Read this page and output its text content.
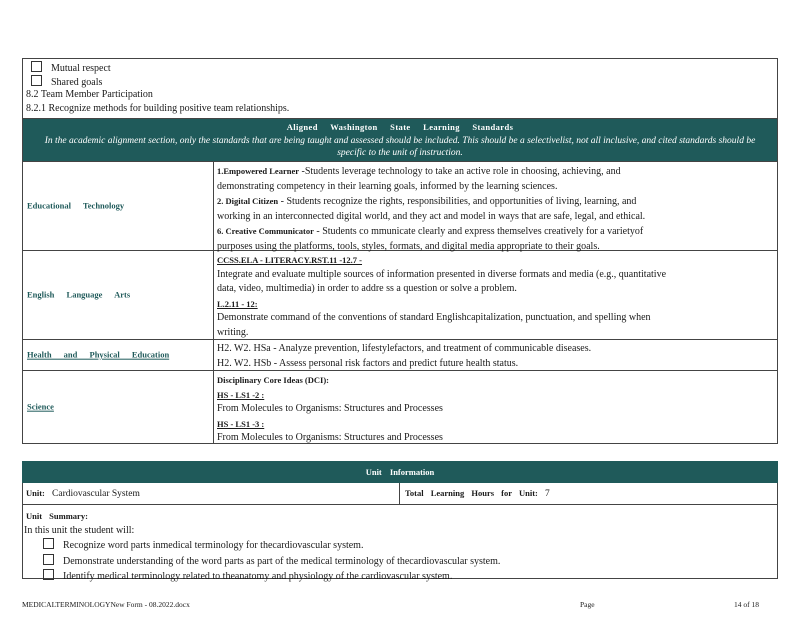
Mutual respect
Shared goals
8.2 Team Member Participation
8.2.1 Recognize methods for building positive team relationships.
Aligned Washington State Learning Standards
In the academic alignment section, only the standards that are being taught and assessed should be included. This should be a selectivelist, not all inclusive, and cited standards should be specific to the unit of instruction.
Educational Technology
1.Empowered Learner -Students leverage technology to take an active role in choosing, achieving, and
demonstrating competency in their learning goals, informed by the learning sciences.
2. Digital Citizen - Students recognize the rights, responsibilities, and opportunities of living, learning, and
working in an interconnected digital world, and they act and model in ways that are safe, legal, and ethical.
6. Creative Communicator - Students co mmunicate clearly and express themselves creatively for a varietyof
purposes using the platforms, tools, styles, formats, and digital media appropriate to their goals.
English Language Arts
CCSS.ELA - LITERACY.RST.11 -12.7 -
Integrate and evaluate multiple sources of information presented in diverse formats and media (e.g., quantitative
data, video, multimedia) in order to addre ss a question or solve a problem.
L.2.11 - 12:
Demonstrate command of the conventions of standard Englishcapitalization, punctuation, and spelling when
writing.
Health and Physical Education
H2. W2. HSa - Analyze prevention, lifestylefactors, and treatment of communicable diseases.
H2. W2. HSb - Assess personal risk factors and predict future health status.
Science
Disciplinary Core Ideas (DCI):
HS - LS1 -2 :
From Molecules to Organisms: Structures and Processes
HS - LS1 -3 :
From Molecules to Organisms: Structures and Processes
Unit Information
Unit: Cardiovascular System	Total Learning Hours for Unit: 7
Unit Summary:
In this unit the student will:
Recognize word parts inmedical terminology for thecardiovascular system.
Demonstrate understanding of the word parts as part of the medical terminology of thecardiovascular system.
Identify medical terminology related to theanatomy and physiology of the cardiovascular system.
MEDICALTERMINOLOGYNew Form - 08.2022.docx	Page	14 of 18
